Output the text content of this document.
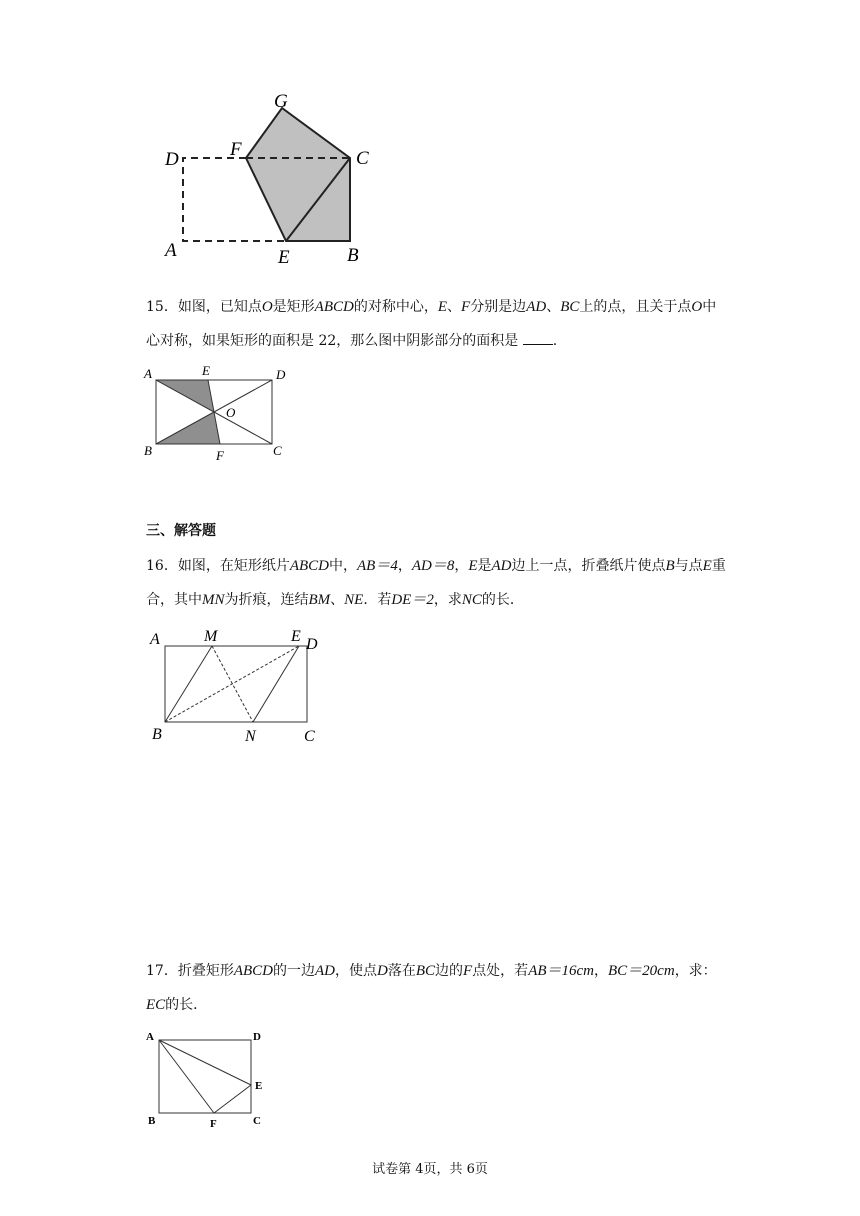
G
D	F	C
A	E	B

15．如图，已知点O是矩形ABCD的对称中心，E、F分别是边AD、BC上的点，且关于点O中心对称，如果矩形的面积是 22，那么图中阴影部分的面积是 .

A	E	D
O
B	F	C

三、解答题

16．如图，在矩形纸片ABCD中，AB＝4，AD＝8，E是AD边上一点，折叠纸片使点B与点E重合，其中MN为折痕，连结BM、NE．若DE＝2，求NC的长．

A	M	E D
B	N	C

17．折叠矩形ABCD的一边AD，使点D落在BC边的F点处，若AB＝16cm，BC＝20cm，求：EC的长．

A	D
E
B	F	C
试卷第 4页，共 6页
